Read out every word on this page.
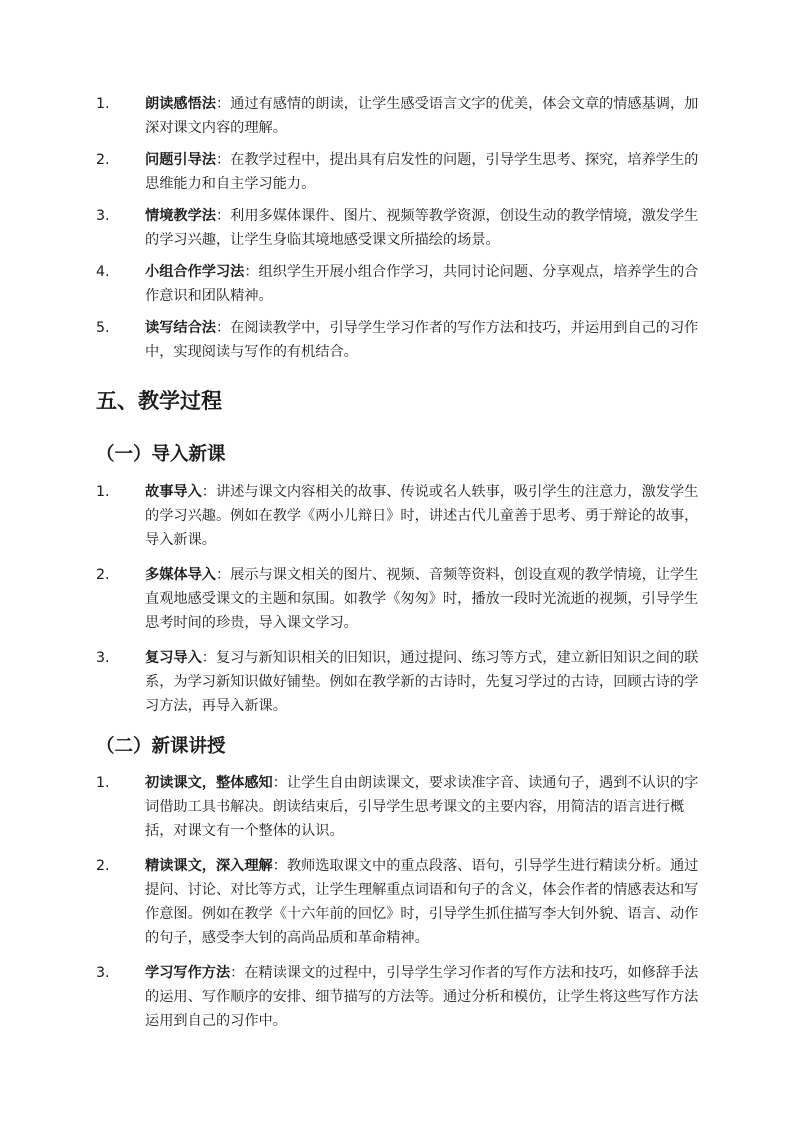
1. 朗读感悟法：通过有感情的朗读，让学生感受语言文字的优美，体会文章的情感基调，加深对课文内容的理解。
2. 问题引导法：在教学过程中，提出具有启发性的问题，引导学生思考、探究，培养学生的思维能力和自主学习能力。
3. 情境教学法：利用多媒体课件、图片、视频等教学资源，创设生动的教学情境，激发学生的学习兴趣，让学生身临其境地感受课文所描绘的场景。
4. 小组合作学习法：组织学生开展小组合作学习，共同讨论问题、分享观点，培养学生的合作意识和团队精神。
5. 读写结合法：在阅读教学中，引导学生学习作者的写作方法和技巧，并运用到自己的习作中，实现阅读与写作的有机结合。
五、教学过程
（一）导入新课
1. 故事导入：讲述与课文内容相关的故事、传说或名人轶事，吸引学生的注意力，激发学生的学习兴趣。例如在教学《两小儿辩日》时，讲述古代儿童善于思考、勇于辩论的故事，导入新课。
2. 多媒体导入：展示与课文相关的图片、视频、音频等资料，创设直观的教学情境，让学生直观地感受课文的主题和氛围。如教学《匆匆》时，播放一段时光流逝的视频，引导学生思考时间的珍贵，导入课文学习。
3. 复习导入：复习与新知识相关的旧知识，通过提问、练习等方式，建立新旧知识之间的联系，为学习新知识做好铺垫。例如在教学新的古诗时，先复习学过的古诗，回顾古诗的学习方法，再导入新课。
（二）新课讲授
1. 初读课文，整体感知：让学生自由朗读课文，要求读准字音、读通句子，遇到不认识的字词借助工具书解决。朗读结束后，引导学生思考课文的主要内容，用简洁的语言进行概括，对课文有一个整体的认识。
2. 精读课文，深入理解：教师选取课文中的重点段落、语句，引导学生进行精读分析。通过提问、讨论、对比等方式，让学生理解重点词语和句子的含义，体会作者的情感表达和写作意图。例如在教学《十六年前的回忆》时，引导学生抓住描写李大钊外貌、语言、动作的句子，感受李大钊的高尚品质和革命精神。
3. 学习写作方法：在精读课文的过程中，引导学生学习作者的写作方法和技巧，如修辞手法的运用、写作顺序的安排、细节描写的方法等。通过分析和模仿，让学生将这些写作方法运用到自己的习作中。
